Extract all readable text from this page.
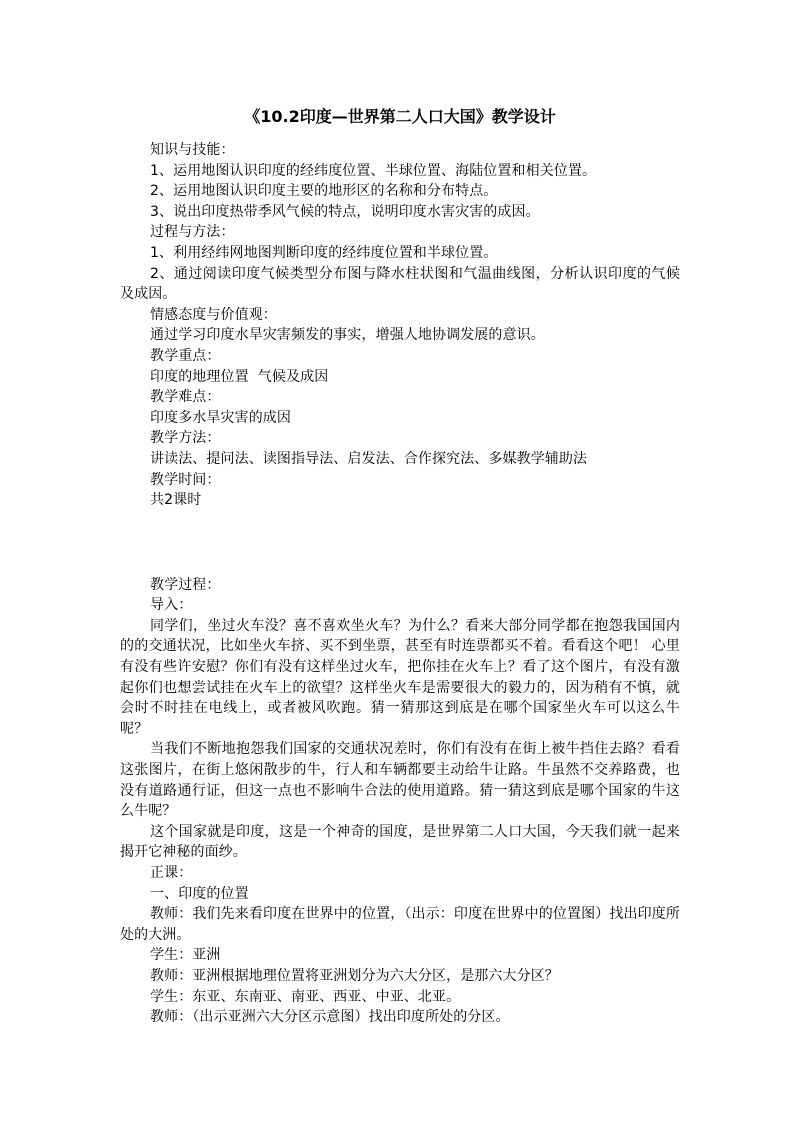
《10.2印度—世界第二人口大国》教学设计

知识与技能：

1、运用地图认识印度的经纬度位置、半球位置、海陆位置和相关位置。

2、运用地图认识印度主要的地形区的名称和分布特点。

3、说出印度热带季风气候的特点，说明印度水害灾害的成因。

过程与方法：

1、利用经纬网地图判断印度的经纬度位置和半球位置。

2、通过阅读印度气候类型分布图与降水柱状图和气温曲线图，分析认识印度的气候及成因。

情感态度与价值观：

通过学习印度水旱灾害频发的事实，增强人地协调发展的意识。

教学重点：

印度的地理位置  气候及成因

教学难点：

印度多水旱灾害的成因

教学方法：

讲读法、提问法、读图指导法、启发法、合作探究法、多媒教学辅助法

教学时间：

共2课时

教学过程：

导入：

同学们，坐过火车没？喜不喜欢坐火车？为什么？看来大部分同学都在抱怨我国国内的的交通状况，比如坐火车挤、买不到坐票，甚至有时连票都买不着。看看这个吧！ 心里有没有些许安慰？你们有没有这样坐过火车，把你挂在火车上？看了这个图片，有没有激起你们也想尝试挂在火车上的欲望？这样坐火车是需要很大的毅力的，因为稍有不慎，就会时不时挂在电线上，或者被风吹跑。猜一猜那这到底是在哪个国家坐火车可以这么牛呢？

当我们不断地抱怨我们国家的交通状况差时，你们有没有在街上被牛挡住去路？看看这张图片，在街上悠闲散步的牛，行人和车辆都要主动给牛让路。牛虽然不交养路费，也没有道路通行证，但这一点也不影响牛合法的使用道路。猜一猜这到底是哪个国家的牛这么牛呢？

这个国家就是印度，这是一个神奇的国度，是世界第二人口大国，今天我们就一起来揭开它神秘的面纱。

正课：

一、印度的位置

教师：我们先来看印度在世界中的位置，（出示：印度在世界中的位置图）找出印度所处的大洲。

学生：亚洲

教师：亚洲根据地理位置将亚洲划分为六大分区，是那六大分区？

学生：东亚、东南亚、南亚、西亚、中亚、北亚。

教师：（出示亚洲六大分区示意图）找出印度所处的分区。
